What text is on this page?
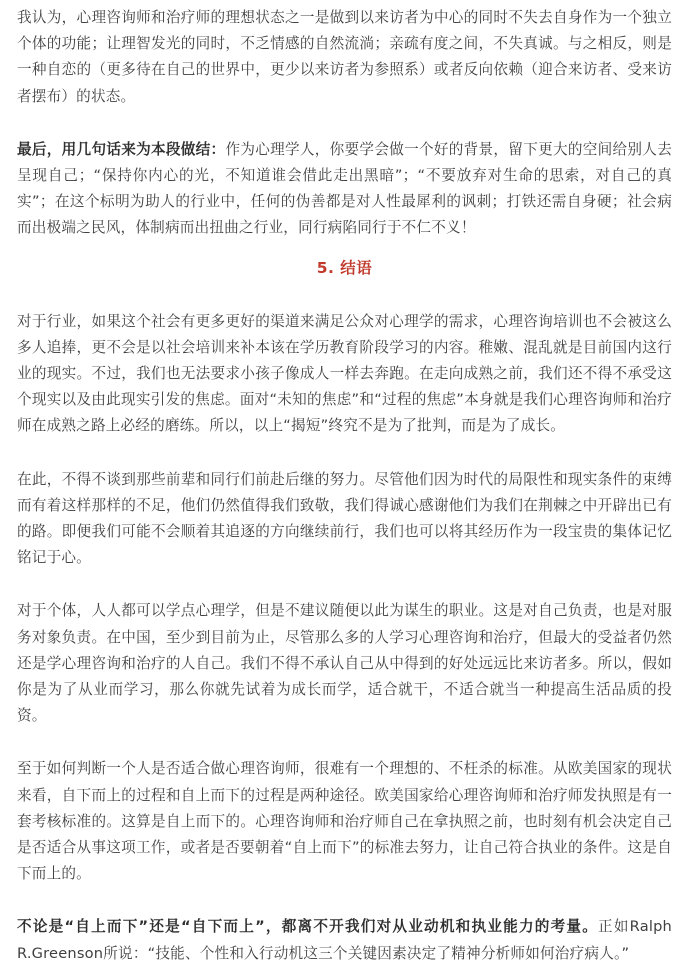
我认为，心理咨询师和治疗师的理想状态之一是做到以来访者为中心的同时不失去自身作为一个独立个体的功能；让理智发光的同时，不乏情感的自然流淌；亲疏有度之间，不失真诚。与之相反，则是一种自恋的（更多待在自己的世界中，更少以来访者为参照系）或者反向依赖（迎合来访者、受来访者摆布）的状态。

最后，用几句话来为本段做结：作为心理学人，你要学会做一个好的背景，留下更大的空间给别人去呈现自己；“保持你内心的光，不知道谁会借此走出黑暗”；“不要放弃对生命的思索，对自己的真实”；在这个标明为助人的行业中，任何的伪善都是对人性最犀利的讽刺；打铁还需自身硬；社会病而出极端之民风，体制病而出扭曲之行业，同行病陷同行于不仁不义！

5. 结语

对于行业，如果这个社会有更多更好的渠道来满足公众对心理学的需求，心理咨询培训也不会被这么多人追捧，更不会是以社会培训来补本该在学历教育阶段学习的内容。稚嫩、混乱就是目前国内这行业的现实。不过，我们也无法要求小孩子像成人一样去奔跑。在走向成熟之前，我们还不得不承受这个现实以及由此现实引发的焦虑。面对“未知的焦虑”和“过程的焦虑”本身就是我们心理咨询师和治疗师在成熟之路上必经的磨练。所以，以上“揭短”终究不是为了批判，而是为了成长。

在此，不得不谈到那些前辈和同行们前赴后继的努力。尽管他们因为时代的局限性和现实条件的束缚而有着这样那样的不足，他们仍然值得我们致敬，我们得诚心感谢他们为我们在荆棘之中开辟出已有的路。即便我们可能不会顺着其追逐的方向继续前行，我们也可以将其经历作为一段宝贵的集体记忆铭记于心。

对于个体，人人都可以学点心理学，但是不建议随便以此为谋生的职业。这是对自己负责，也是对服务对象负责。在中国，至少到目前为止，尽管那么多的人学习心理咨询和治疗，但最大的受益者仍然还是学心理咨询和治疗的人自己。我们不得不承认自己从中得到的好处远远比来访者多。所以，假如你是为了从业而学习，那么你就先试着为成长而学，适合就干，不适合就当一种提高生活品质的投资。

至于如何判断一个人是否适合做心理咨询师，很难有一个理想的、不枉杀的标准。从欧美国家的现状来看，自下而上的过程和自上而下的过程是两种途径。欧美国家给心理咨询师和治疗师发执照是有一套考核标准的。这算是自上而下的。心理咨询师和治疗师自己在拿执照之前，也时刻有机会决定自己是否适合从事这项工作，或者是否要朝着“自上而下”的标准去努力，让自己符合执业的条件。这是自下而上的。

不论是“自上而下”还是“自下而上”，都离不开我们对从业动机和执业能力的考量。正如Ralph R.Greenson所说：“技能、个性和入行动机这三个关键因素决定了精神分析师如何治疗病人。”
